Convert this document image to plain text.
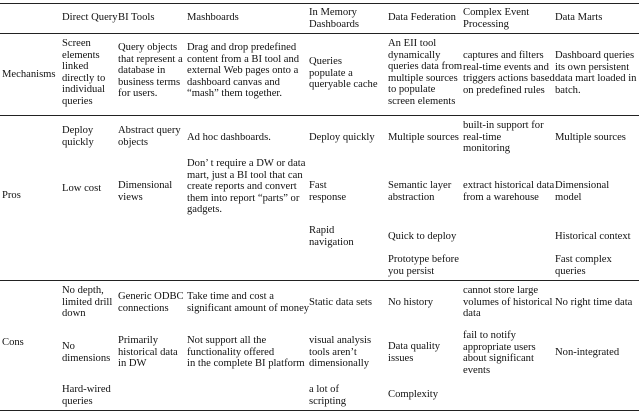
Direct Query BI Tools	Mashboards	In Memory
Dashboards
Data Federation Complex Event
Processing
Data Marts
Mechanisms
Pros
Cons
Screen
elements
linked
directly to
individual
queries
Query objects
that represent a
database in
business terms
for users.
Drag and drop predefined
content from a BI tool and
external Web pages onto a
dashboard canvas and
“mash” them together.
Queries
populate a
queryable cache
An EII tool
dynamically
queries data from
multiple sources
to populate
screen elements
captures and filters
real-time events and
triggers actions based
on predefined rules
Dashboard queries
its own persistent
data mart loaded in
batch.
Deploy
quickly
Low cost
Abstract query
objects
Dimensional
views
Ad hoc dashboards.
Don’ t require a DW or data
mart, just a BI tool that can
create reports and convert
them into report “parts” or
gadgets.
Deploy quickly
Fast
response
Rapid
navigation
Multiple sources
Semantic layer
abstraction
Quick to deploy
Prototype before
you persist
built-in support for
real-time
monitoring
extract historical data
from a warehouse
Multiple sources
Dimensional
model
Historical context
Fast complex
queries
No depth,
limited drill
down
No
dimensions
Hard-wired
queries
Generic ODBC
connections
Primarily
historical data
in DW
Take time and cost a
significant amount of money
Not support all the
functionality offered
in the complete BI platform
Static data sets
visual analysis
tools aren’t
dimensionally
a lot of
scripting
No history
Data quality
issues
Complexity
cannot store large
volumes of historical
data
fail to notify
appropriate users
about significant
events
No right time data
Non-integrated
